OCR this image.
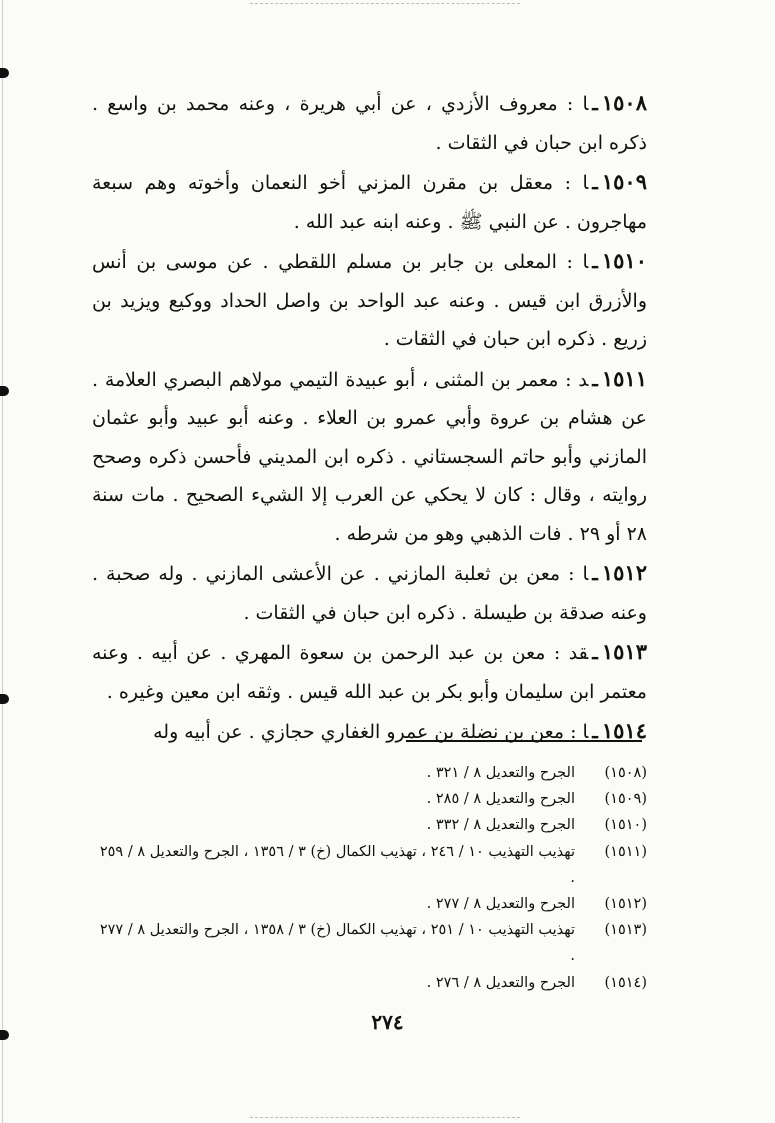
١٥٠٨ـا : معروف الأزدي ، عن أبي هريرة ، وعنه محمد بن واسع . ذكره ابن حبان في الثقات .

١٥٠٩ـا : معقل بن مقرن المزني أخو النعمان وأخوته وهم سبعة مهاجرون . عن النبي ﷺ . وعنه ابنه عبد الله .

١٥١٠ـا : المعلى بن جابر بن مسلم اللقطي . عن موسى بن أنس والأزرق ابن قيس . وعنه عبد الواحد بن واصل الحداد ووكيع ويزيد بن زريع . ذكره ابن حبان في الثقات .

١٥١١ـد : معمر بن المثنى ، أبو عبيدة التيمي مولاهم البصري العلامة . عن هشام بن عروة وأبي عمرو بن العلاء . وعنه أبو عبيد وأبو عثمان المازني وأبو حاتم السجستاني . ذكره ابن المديني فأحسن ذكره وصحح روايته ، وقال : كان لا يحكي عن العرب إلا الشيء الصحيح . مات سنة ٢٨ أو ٢٩ . فات الذهبي وهو من شرطه .

١٥١٢ـا : معن بن ثعلبة المازني . عن الأعشى المازني . وله صحبة . وعنه صدقة بن طيسلة . ذكره ابن حبان في الثقات .

١٥١٣ـقد : معن بن عبد الرحمن بن سعوة المهري . عن أبيه . وعنه معتمر ابن سليمان وأبو بكر بن عبد الله قيس . وثقه ابن معين وغيره .

١٥١٤ـا : معن بن نضلة بن عمرو الغفاري حجازي . عن أبيه وله

(١٥٠٨)
الجرح والتعديل ٨ / ٣٢١ .
(١٥٠٩)
الجرح والتعديل ٨ / ٢٨٥ .
(١٥١٠)
الجرح والتعديل ٨ / ٣٣٢ .
(١٥١١)
تهذيب التهذيب ١٠ / ٢٤٦ ، تهذيب الكمال (خ) ٣ / ١٣٥٦ ، الجرح والتعديل ٨ / ٢٥٩ .
(١٥١٢)
الجرح والتعديل ٨ / ٢٧٧ .
(١٥١٣)
تهذيب التهذيب ١٠ / ٢٥١ ، تهذيب الكمال (خ) ٣ / ١٣٥٨ ، الجرح والتعديل ٨ / ٢٧٧ .
(١٥١٤)
الجرح والتعديل ٨ / ٢٧٦ .
٢٧٤
